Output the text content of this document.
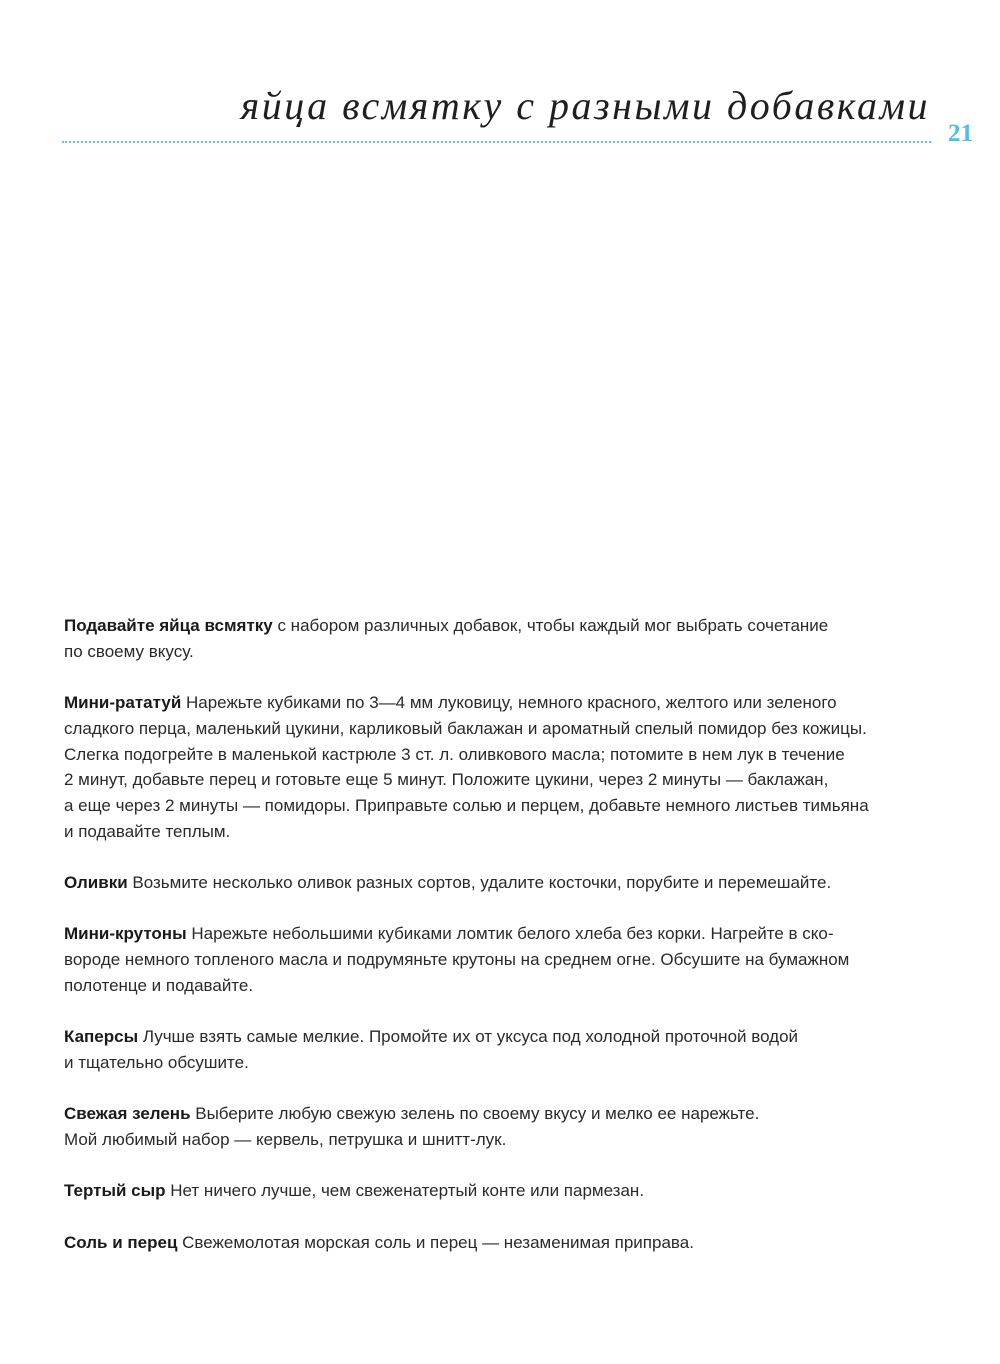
яйца всмятку с разными добавками
21

Подавайте яйца всмятку с набором различных добавок, чтобы каждый мог выбрать сочетание
по своему вкусу.

Мини-рататуй Нарежьте кубиками по 3—4 мм луковицу, немного красного, желтого или зеленого
сладкого перца, маленький цукини, карликовый баклажан и ароматный спелый помидор без кожицы.
Слегка подогрейте в маленькой кастрюле 3 ст. л. оливкового масла; потомите в нем лук в течение
2 минут, добавьте перец и готовьте еще 5 минут. Положите цукини, через 2 минуты — баклажан,
а еще через 2 минуты — помидоры. Приправьте солью и перцем, добавьте немного листьев тимьяна
и подавайте теплым.

Оливки Возьмите несколько оливок разных сортов, удалите косточки, порубите и перемешайте.

Мини-крутоны Нарежьте небольшими кубиками ломтик белого хлеба без корки. Нагрейте в ско-
вороде немного топленого масла и подрумяньте крутоны на среднем огне. Обсушите на бумажном
полотенце и подавайте.

Каперсы Лучше взять самые мелкие. Промойте их от уксуса под холодной проточной водой
и тщательно обсушите.

Свежая зелень Выберите любую свежую зелень по своему вкусу и мелко ее нарежьте.
Мой любимый набор — кервель, петрушка и шнитт-лук.

Тертый сыр Нет ничего лучше, чем свеженатертый конте или пармезан.

Соль и перец Свежемолотая морская соль и перец — незаменимая приправа.
